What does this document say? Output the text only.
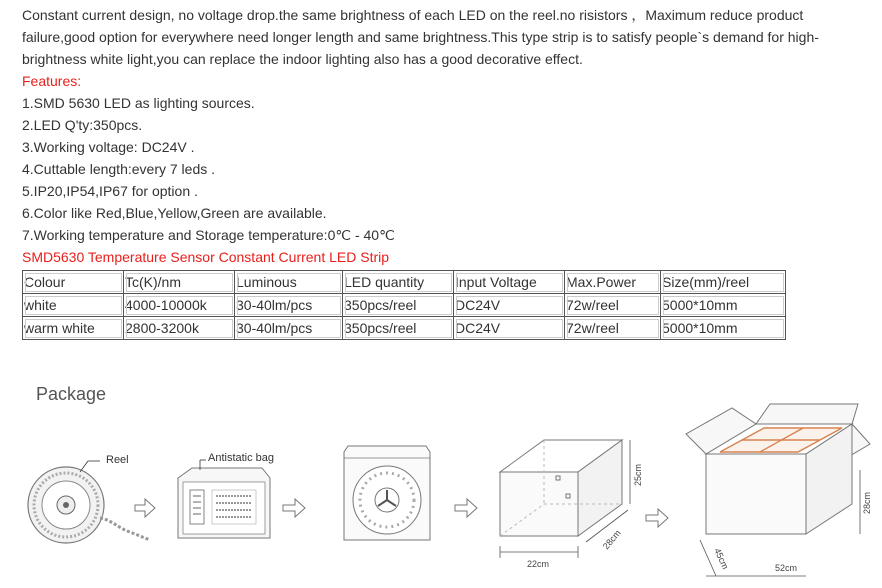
Constant current design, no voltage drop.the same brightness of each LED on the reel.no risistors ，Maximum reduce product failure,good option for everywhere need longer length and same brightness.This type strip is to satisfy people`s demand for high-brightness white light,you can replace the indoor lighting also has a good decorative effect.

Features:

1.SMD 5630 LED as lighting sources.

2.LED Q'ty:350pcs.

3.Working voltage: DC24V .

4.Cuttable length:every 7 leds .

5.IP20,IP54,IP67 for option .

6.Color like Red,Blue,Yellow,Green are available.

7.Working temperature and Storage temperature:0℃ - 40℃

SMD5630 Temperature Sensor Constant Current LED Strip

Colour	Tc(K)/nm	Luminous	LED quantity	Input Voltage	Max.Power	Size(mm)/reel
white	4000-10000k	30-40lm/pcs	350pcs/reel	DC24V	72w/reel	5000*10mm
warm white	2800-3200k	30-40lm/pcs	350pcs/reel	DC24V	72w/reel	5000*10mm
Package
22cm
25cm
28cm
52cm
28cm
45cm
Reel	Antistatic bag
